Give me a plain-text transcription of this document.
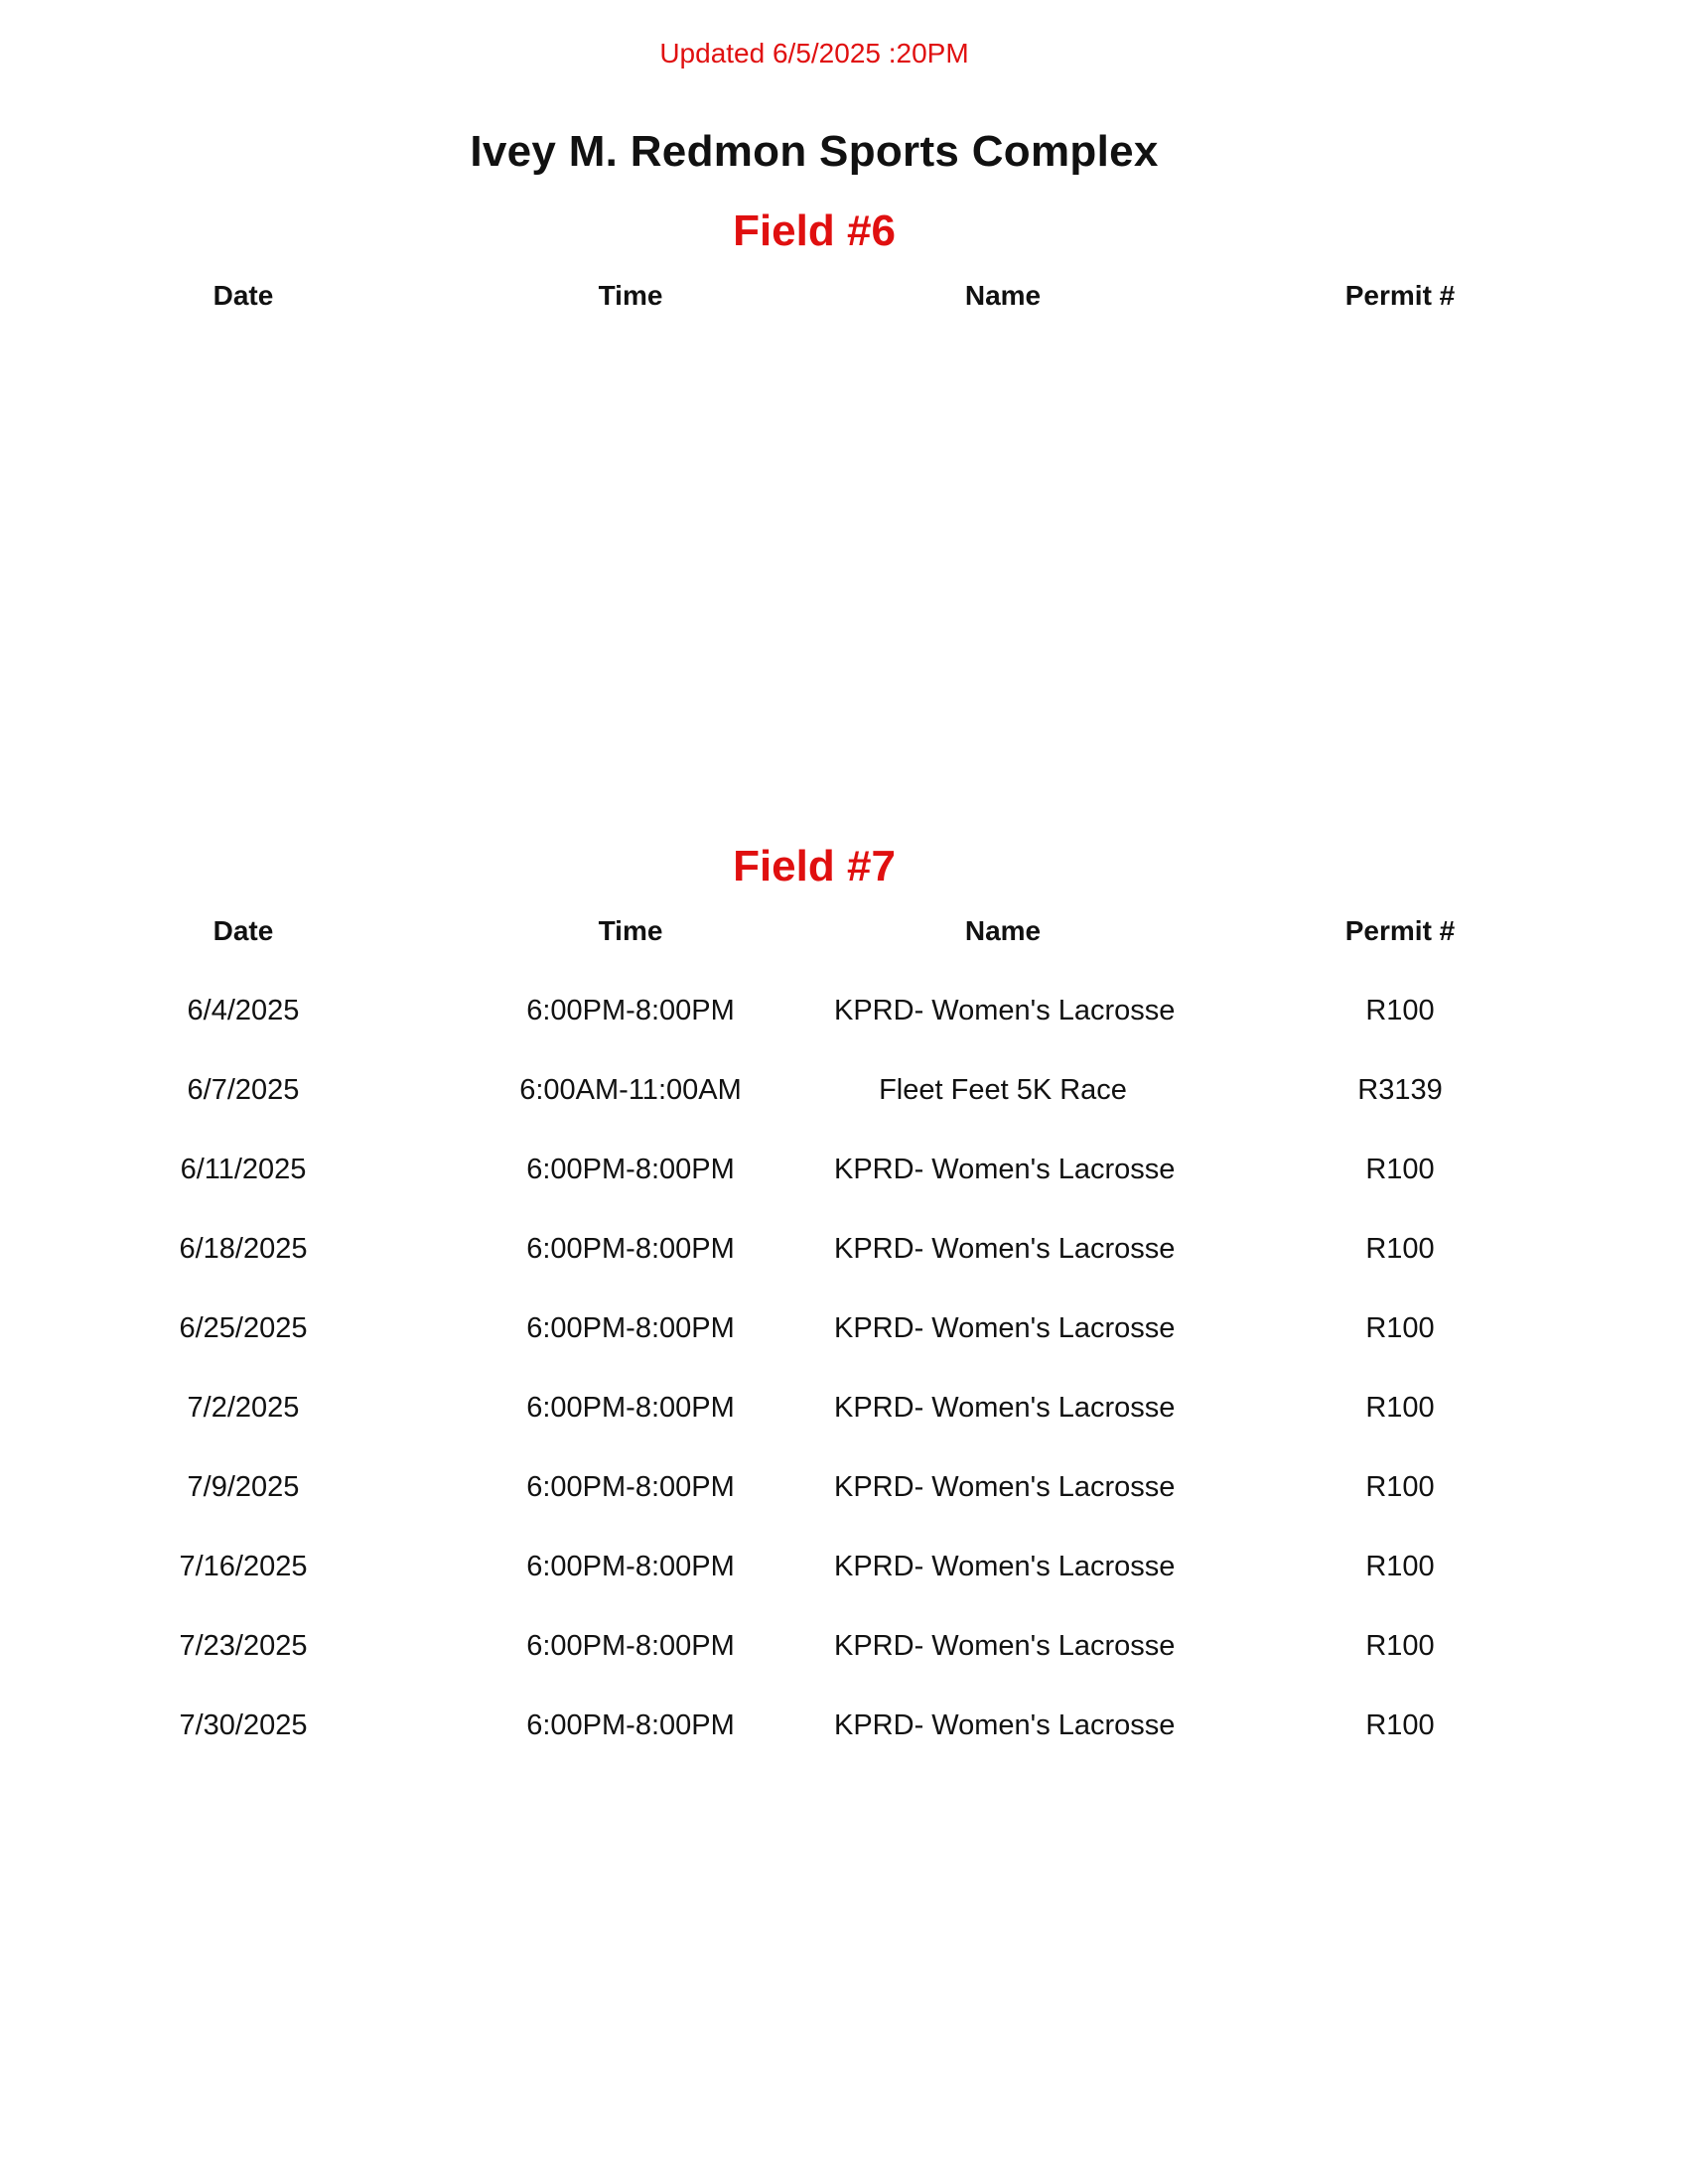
Updated 6/5/2025 :20PM
Ivey M. Redmon Sports Complex
Field #6
Date	Time	Name	Permit #
Field #7
Date	Time	Name	Permit #
6/4/2025	6:00PM-8:00PM	KPRD- Women's Lacrosse	R100
6/7/2025	6:00AM-11:00AM	Fleet Feet 5K Race	R3139
6/11/2025	6:00PM-8:00PM	KPRD- Women's Lacrosse	R100
6/18/2025	6:00PM-8:00PM	KPRD- Women's Lacrosse	R100
6/25/2025	6:00PM-8:00PM	KPRD- Women's Lacrosse	R100
7/2/2025	6:00PM-8:00PM	KPRD- Women's Lacrosse	R100
7/9/2025	6:00PM-8:00PM	KPRD- Women's Lacrosse	R100
7/16/2025	6:00PM-8:00PM	KPRD- Women's Lacrosse	R100
7/23/2025	6:00PM-8:00PM	KPRD- Women's Lacrosse	R100
7/30/2025	6:00PM-8:00PM	KPRD- Women's Lacrosse	R100
